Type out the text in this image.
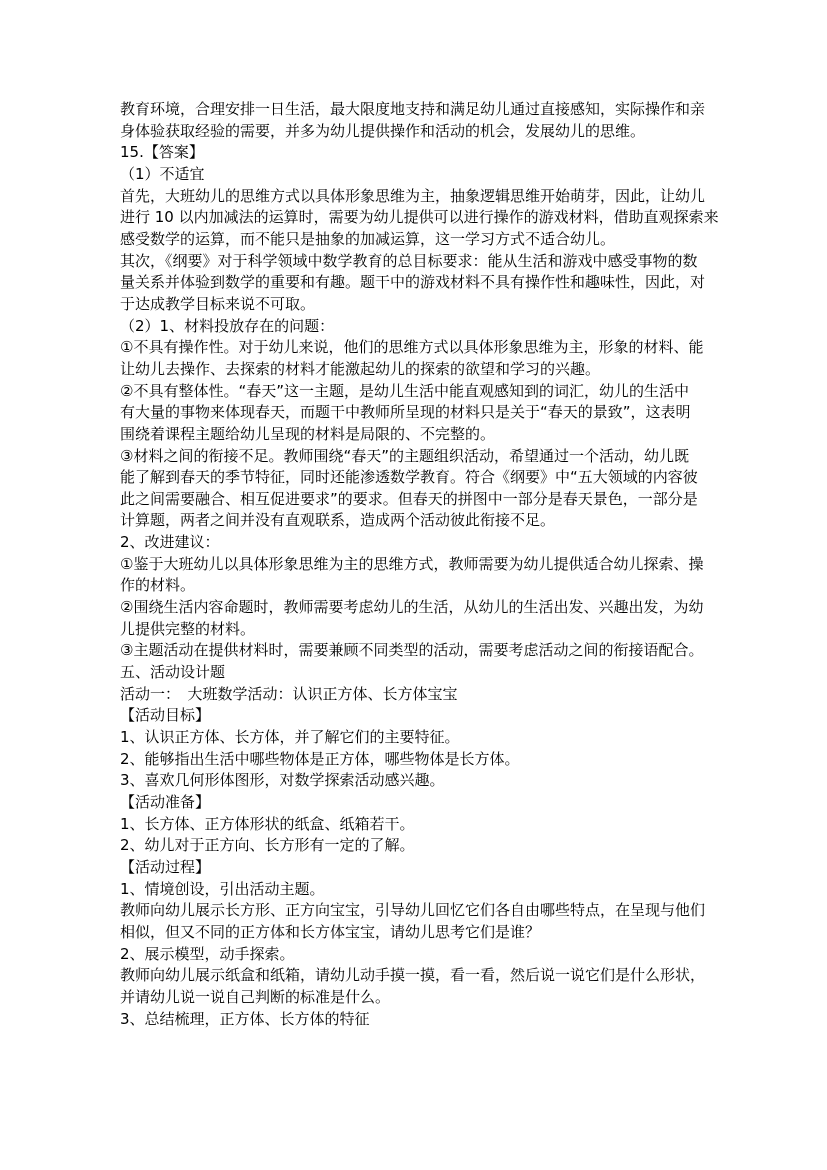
教育环境，合理安排一日生活，最大限度地支持和满足幼儿通过直接感知，实际操作和亲
身体验获取经验的需要，并多为幼儿提供操作和活动的机会，发展幼儿的思维。
15.【答案】
（1）不适宜
首先，大班幼儿的思维方式以具体形象思维为主，抽象逻辑思维开始萌芽，因此，让幼儿
进行 10 以内加减法的运算时，需要为幼儿提供可以进行操作的游戏材料，借助直观探索来
感受数学的运算，而不能只是抽象的加减运算，这一学习方式不适合幼儿。
其次，《纲要》对于科学领域中数学教育的总目标要求：能从生活和游戏中感受事物的数
量关系并体验到数学的重要和有趣。题干中的游戏材料不具有操作性和趣味性，因此，对
于达成教学目标来说不可取。
（2）1、材料投放存在的问题：
①不具有操作性。对于幼儿来说，他们的思维方式以具体形象思维为主，形象的材料、能
让幼儿去操作、去探索的材料才能激起幼儿的探索的欲望和学习的兴趣。
②不具有整体性。“春天”这一主题，是幼儿生活中能直观感知到的词汇，幼儿的生活中
有大量的事物来体现春天，而题干中教师所呈现的材料只是关于“春天的景致”，这表明
围绕着课程主题给幼儿呈现的材料是局限的、不完整的。
③材料之间的衔接不足。教师围绕“春天”的主题组织活动，希望通过一个活动，幼儿既
能了解到春天的季节特征，同时还能渗透数学教育。符合《纲要》中“五大领域的内容彼
此之间需要融合、相互促进要求”的要求。但春天的拼图中一部分是春天景色，一部分是
计算题，两者之间并没有直观联系，造成两个活动彼此衔接不足。
2、改进建议：
①鉴于大班幼儿以具体形象思维为主的思维方式，教师需要为幼儿提供适合幼儿探索、操
作的材料。
②围绕生活内容命题时，教师需要考虑幼儿的生活，从幼儿的生活出发、兴趣出发，为幼
儿提供完整的材料。
③主题活动在提供材料时，需要兼顾不同类型的活动，需要考虑活动之间的衔接语配合。
五、活动设计题
活动一：　大班数学活动：认识正方体、长方体宝宝
【活动目标】
1、认识正方体、长方体，并了解它们的主要特征。
2、能够指出生活中哪些物体是正方体，哪些物体是长方体。
3、喜欢几何形体图形，对数学探索活动感兴趣。
【活动准备】
1、长方体、正方体形状的纸盒、纸箱若干。
2、幼儿对于正方向、长方形有一定的了解。
【活动过程】
1、情境创设，引出活动主题。
教师向幼儿展示长方形、正方向宝宝，引导幼儿回忆它们各自由哪些特点，在呈现与他们
相似，但又不同的正方体和长方体宝宝，请幼儿思考它们是谁？
2、展示模型，动手探索。
教师向幼儿展示纸盒和纸箱，请幼儿动手摸一摸，看一看，然后说一说它们是什么形状，
并请幼儿说一说自己判断的标准是什么。
3、总结梳理，正方体、长方体的特征
